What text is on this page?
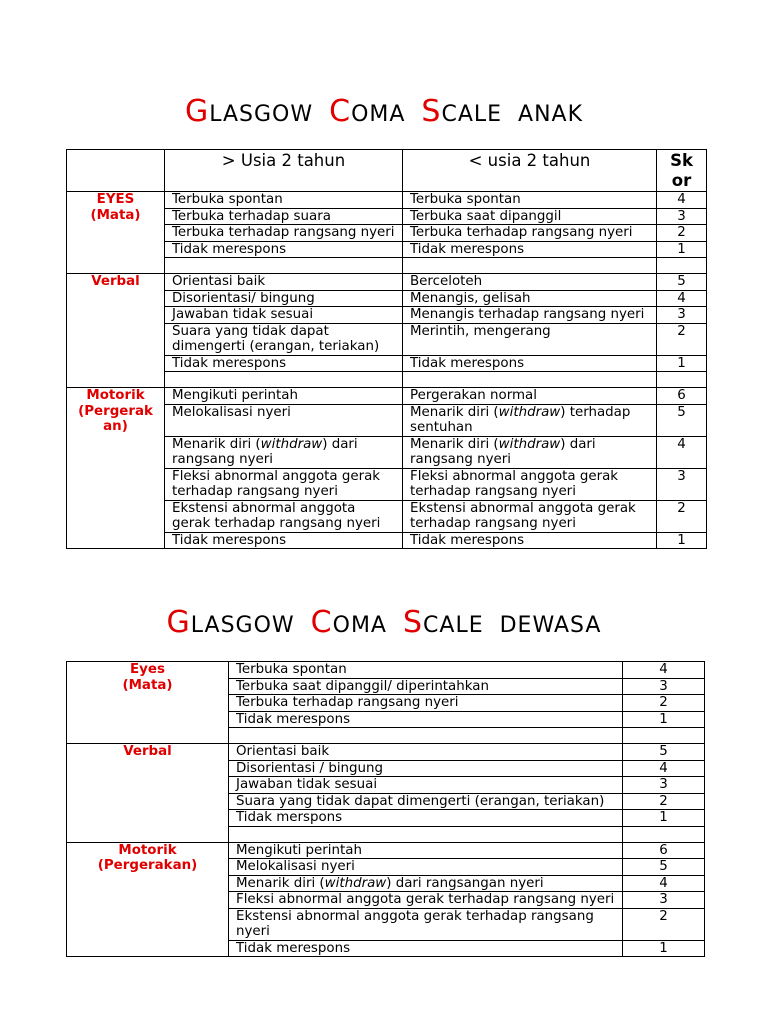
GLASGOW COMA SCALE ANAK
	> Usia 2 tahun	< usia 2 tahun	Sk or

EYES
(Mata)	Terbuka spontan	Terbuka spontan	4
	Terbuka terhadap suara	Terbuka saat dipanggil	3
	Terbuka terhadap rangsang nyeri	Terbuka terhadap rangsang nyeri	2
	Tidak merespons	Tidak merespons	1

Verbal	Orientasi baik	Berceloteh	5
	Disorientasi/ bingung	Menangis, gelisah	4
	Jawaban tidak sesuai	Menangis terhadap rangsang nyeri	3
	Suara yang tidak dapat dimengerti (erangan, teriakan)	Merintih, mengerang	2
	Tidak merespons	Tidak merespons	1

Motorik
(Pergerak
an)	Mengikuti perintah	Pergerakan normal	6
	Melokalisasi nyeri	Menarik diri (withdraw) terhadap sentuhan	5
	Menarik diri (withdraw) dari rangsang nyeri	Menarik diri (withdraw) dari rangsang nyeri	4
	Fleksi abnormal anggota gerak terhadap rangsang nyeri	Fleksi abnormal anggota gerak terhadap rangsang nyeri	3
	Ekstensi abnormal anggota gerak terhadap rangsang nyeri	Ekstensi abnormal anggota gerak terhadap rangsang nyeri	2
	Tidak merespons	Tidak merespons	1
GLASGOW COMA SCALE DEWASA
Eyes
(Mata)	Terbuka spontan	4
	Terbuka saat dipanggil/ diperintahkan	3
	Terbuka terhadap rangsang nyeri	2
	Tidak merespons	1

Verbal	Orientasi baik	5
	Disorientasi / bingung	4
	Jawaban tidak sesuai	3
	Suara yang tidak dapat dimengerti (erangan, teriakan)	2
	Tidak merspons	1

Motorik
(Pergerakan)	Mengikuti perintah	6
	Melokalisasi nyeri	5
	Menarik diri (withdraw) dari rangsangan nyeri	4
	Fleksi abnormal anggota gerak terhadap rangsang nyeri	3
	Ekstensi abnormal anggota gerak terhadap rangsang nyeri	2
	Tidak merespons	1
